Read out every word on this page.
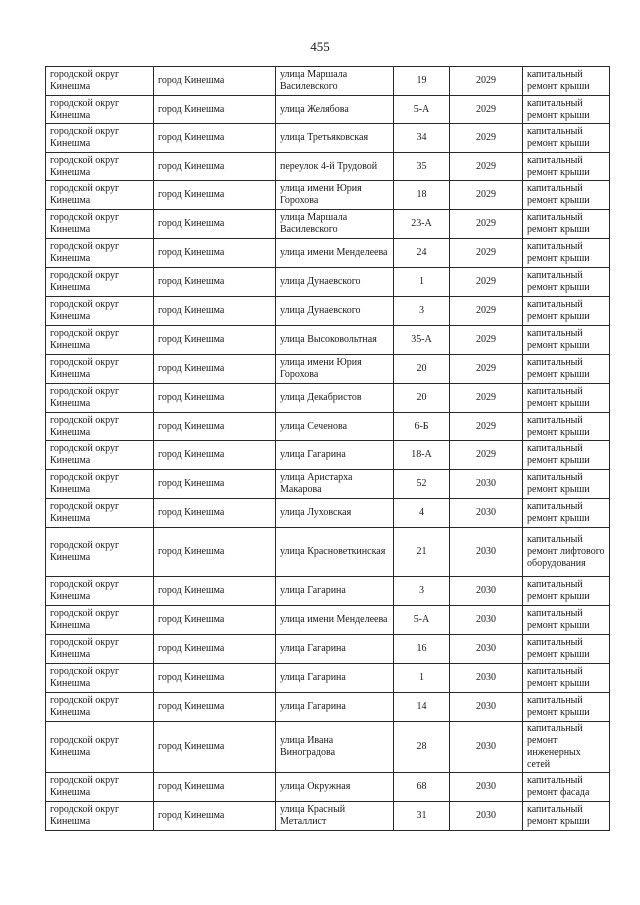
455
городской округ Кинешма	город Кинешма	улица Маршала Василевского	19	2029	капитальный ремонт крыши
городской округ Кинешма	город Кинешма	улица Желябова	5-А	2029	капитальный ремонт крыши
городской округ Кинешма	город Кинешма	улица Третьяковская	34	2029	капитальный ремонт крыши
городской округ Кинешма	город Кинешма	переулок 4-й Трудовой	35	2029	капитальный ремонт крыши
городской округ Кинешма	город Кинешма	улица имени Юрия Горохова	18	2029	капитальный ремонт крыши
городской округ Кинешма	город Кинешма	улица Маршала Василевского	23-А	2029	капитальный ремонт крыши
городской округ Кинешма	город Кинешма	улица имени Менделеева	24	2029	капитальный ремонт крыши
городской округ Кинешма	город Кинешма	улица Дунаевского	1	2029	капитальный ремонт крыши
городской округ Кинешма	город Кинешма	улица Дунаевского	3	2029	капитальный ремонт крыши
городской округ Кинешма	город Кинешма	улица Высоковольтная	35-А	2029	капитальный ремонт крыши
городской округ Кинешма	город Кинешма	улица имени Юрия Горохова	20	2029	капитальный ремонт крыши
городской округ Кинешма	город Кинешма	улица Декабристов	20	2029	капитальный ремонт крыши
городской округ Кинешма	город Кинешма	улица Сеченова	6-Б	2029	капитальный ремонт крыши
городской округ Кинешма	город Кинешма	улица Гагарина	18-А	2029	капитальный ремонт крыши
городской округ Кинешма	город Кинешма	улица Аристарха Макарова	52	2030	капитальный ремонт крыши
городской округ Кинешма	город Кинешма	улица Луховская	4	2030	капитальный ремонт крыши
городской округ Кинешма	город Кинешма	улица Красноветкинская	21	2030	капитальный ремонт лифтового оборудования
городской округ Кинешма	город Кинешма	улица Гагарина	3	2030	капитальный ремонт крыши
городской округ Кинешма	город Кинешма	улица имени Менделеева	5-А	2030	капитальный ремонт крыши
городской округ Кинешма	город Кинешма	улица Гагарина	16	2030	капитальный ремонт крыши
городской округ Кинешма	город Кинешма	улица Гагарина	1	2030	капитальный ремонт крыши
городской округ Кинешма	город Кинешма	улица Гагарина	14	2030	капитальный ремонт крыши
городской округ Кинешма	город Кинешма	улица Ивана Виноградова	28	2030	капитальный ремонт инженерных сетей
городской округ Кинешма	город Кинешма	улица Окружная	68	2030	капитальный ремонт фасада
городской округ Кинешма	город Кинешма	улица Красный Металлист	31	2030	капитальный ремонт крыши
